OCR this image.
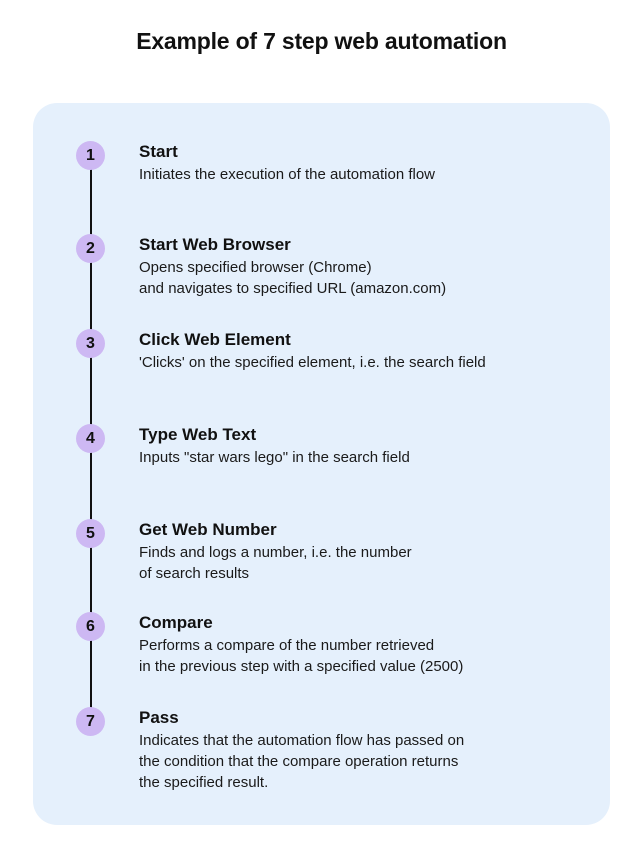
Example of 7 step web automation
1	Start
Initiates the execution of the automation flow
2	Start Web Browser
Opens specified browser (Chrome)
and navigates to specified URL (amazon.com)
3	Click Web Element
'Clicks' on the specified element, i.e. the search field
4	Type Web Text
Inputs "star wars lego" in the search field
5	Get Web Number
Finds and logs a number, i.e. the number
of search results
6	Compare
Performs a compare of the number retrieved
in the previous step with a specified value (2500)
7	Pass
Indicates that the automation flow has passed on
the condition that the compare operation returns
the specified result.
